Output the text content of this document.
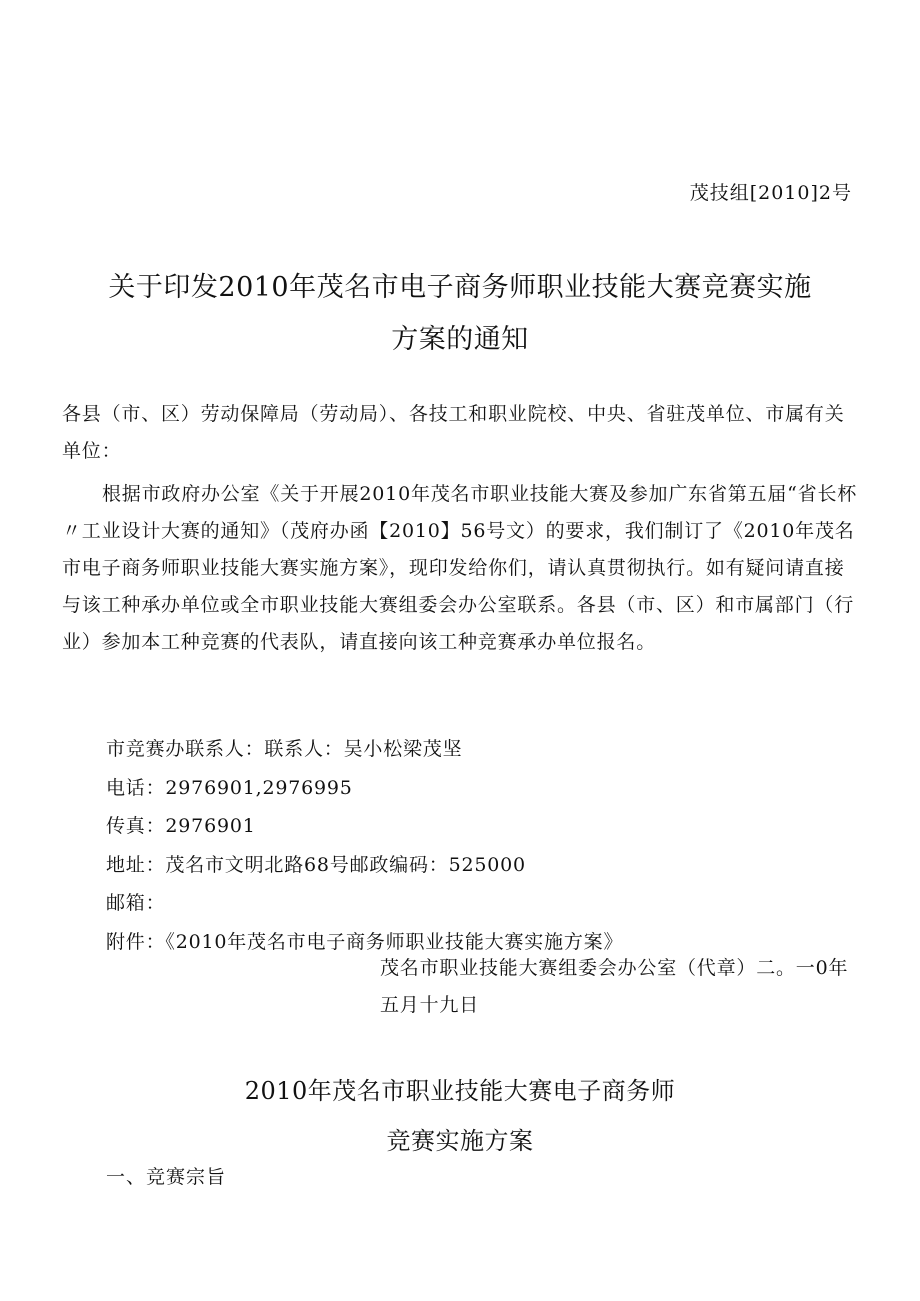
茂技组[2010]2号
关于印发2010年茂名市电子商务师职业技能大赛竞赛实施
方案的通知
各县（市、区）劳动保障局（劳动局）、各技工和职业院校、中央、省驻茂单位、市属有关单位：
根据市政府办公室《关于开展2010年茂名市职业技能大赛及参加广东省第五届“省长杯〃工业设计大赛的通知》（茂府办函【2010】56号文）的要求，我们制订了《2010年茂名市电子商务师职业技能大赛实施方案》，现印发给你们，请认真贯彻执行。如有疑问请直接与该工种承办单位或全市职业技能大赛组委会办公室联系。各县（市、区）和市属部门（行业）参加本工种竞赛的代表队，请直接向该工种竞赛承办单位报名。
市竞赛办联系人：联系人：吴小松梁茂坚
电话：2976901,2976995
传真：2976901
地址：茂名市文明北路68号邮政编码：525000
邮箱：
附件：《2010年茂名市电子商务师职业技能大赛实施方案》
茂名市职业技能大赛组委会办公室（代章）二。一0年五月十九日
2010年茂名市职业技能大赛电子商务师
竞赛实施方案
一、竞赛宗旨
